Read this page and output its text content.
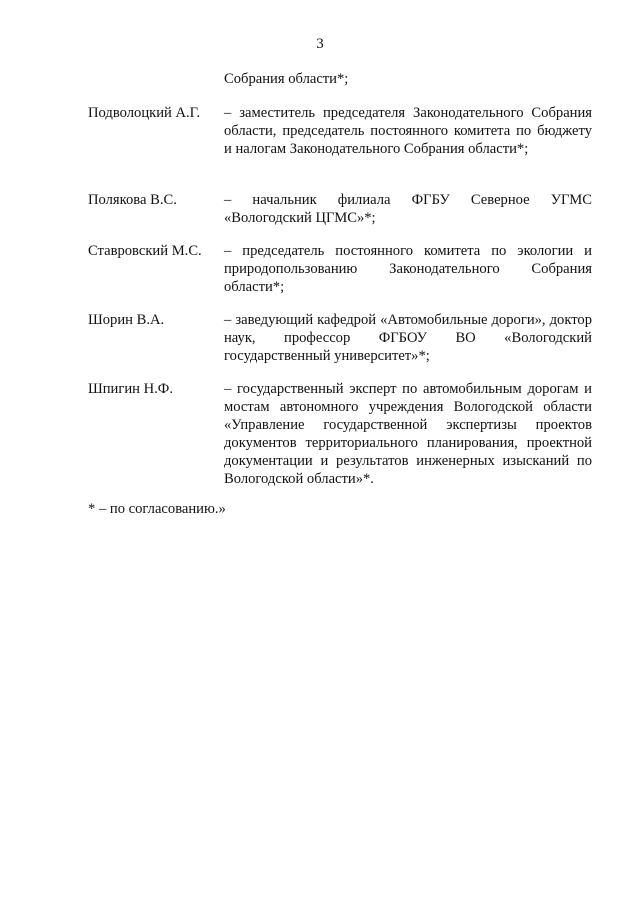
3
Собрания области*;
Подволоцкий А.Г.	– заместитель председателя Законодательного Собрания области, председатель постоянного комитета по бюджету и налогам Законодательного Собрания области*;
Полякова В.С.	– начальник филиала ФГБУ Северное УГМС «Вологодский ЦГМС»*;
Ставровский М.С.	– председатель постоянного комитета по экологии и природопользованию Законодательного Собрания области*;
Шорин В.А.	– заведующий кафедрой «Автомобильные дороги», доктор наук, профессор ФГБОУ ВО «Вологодский государственный университет»*;
Шпигин Н.Ф.	– государственный эксперт по автомобильным дорогам и мостам автономного учреждения Вологодской области «Управление государственной экспертизы проектов документов территориального планирования, проектной документации и результатов инженерных изысканий по Вологодской области»*.
* – по согласованию.»
